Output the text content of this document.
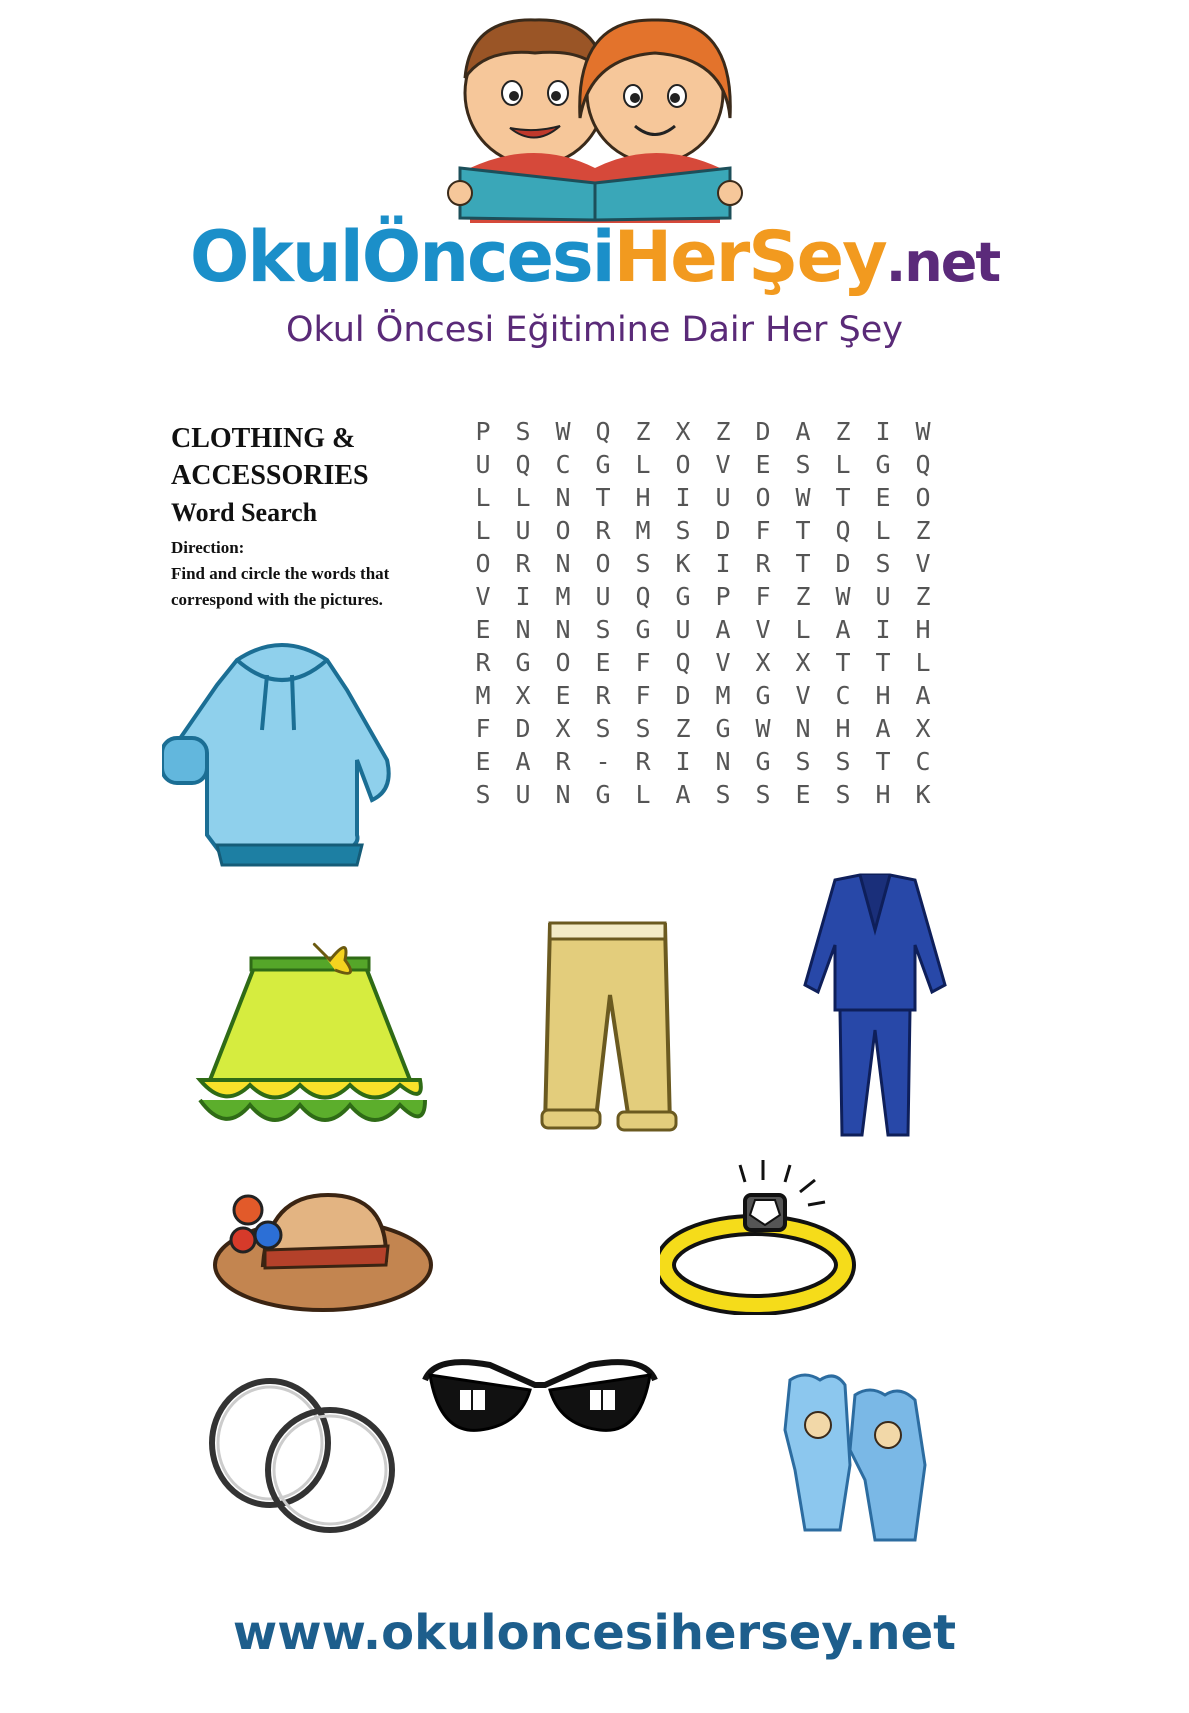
OkulÖncesiHerŞey.net
Okul Öncesi Eğitimine Dair Her Şey
CLOTHING &
ACCESSORIES
Word Search
Direction:
Find and circle the words that correspond with the pictures.
P S W Q Z X Z D A Z I W
U Q C G L O V E S L G Q
L L N T H I U O W T E O
L U O R M S D F T Q L Z
O R N O S K I R T D S V
V I M U Q G P F Z W U Z
E N N S G U A V L A I H
R G O E F Q V X X T T L
M X E R F D M G V C H A
F D X S S Z G W N H A X
E A R - R I N G S S T C
S U N G L A S S E S H K
www.okuloncesihersey.net
